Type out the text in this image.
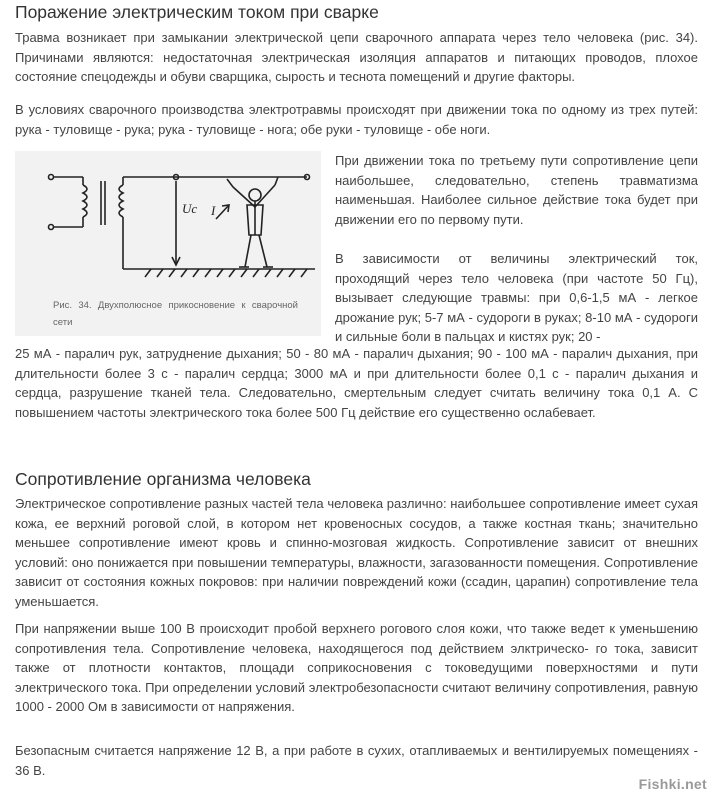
Поражение электрическим током при сварке

Травма возникает при замыкании электрической цепи сварочного аппарата через тело человека (рис. 34). Причинами являются: недостаточная электрическая изоляция аппаратов и питающих проводов, плохое состояние спецодежды и обуви сварщика, сырость и теснота помещений и другие факторы.

В условиях сварочного производства электротравмы происходят при движении тока по одному из трех путей: рука - туловище - рука; рука - туловище - нога; обе руки - туловище - обе ноги.

Uc I
Рис. 34. Двухполюсное прикосновение к сварочной сети

При движении тока по третьему пути сопротивление цепи наибольшее, следовательно, степень травматизма наименьшая. Наиболее сильное действие тока будет при движении его по первому пути.

В зависимости от величины электрический ток, проходящий через тело человека (при частоте 50 Гц), вызывает следующие травмы: при 0,6-1,5 мА - легкое дрожание рук; 5-7 мА - судороги в руках; 8-10 мА - судороги и сильные боли в пальцах и кистях рук; 20 -

25 мА - паралич рук, затруднение дыхания; 50 - 80 мА - паралич дыхания; 90 - 100 мА - паралич дыхания, при длительности более 3 с - паралич сердца; 3000 мА и при длительности более 0,1 с - паралич дыхания и сердца, разрушение тканей тела. Следовательно, смертельным следует считать величину тока 0,1 А. С повышением частоты электрического тока более 500 Гц действие его существенно ослабевает.

Сопротивление организма человека

Электрическое сопротивление разных частей тела человека различно: наибольшее сопротивление имеет сухая кожа, ее верхний роговой слой, в котором нет кровеносных сосудов, а также костная ткань; значительно меньшее сопротивление имеют кровь и спинно-мозговая жидкость. Сопротивление зависит от внешних условий: оно понижается при повышении температуры, влажности, загазованности помещения. Сопротивление зависит от состояния кожных покровов: при наличии повреждений кожи (ссадин, царапин) сопротивление тела уменьшается.

При напряжении выше 100 В происходит пробой верхнего рогового слоя кожи, что также ведет к уменьшению сопротивления тела. Сопротивление человека, находящегося под действием элктрическо- го тока, зависит также от плотности контактов, площади соприкосновения с токоведущими поверхностями и пути электрического тока. При определении условий электробезопасности считают величину сопротивления, равную 1000 - 2000 Ом в зависимости от напряжения.

Безопасным считается напряжение 12 В, а при работе в сухих, отапливаемых и вентилируемых помещениях - 36 В.

Fishki.net
